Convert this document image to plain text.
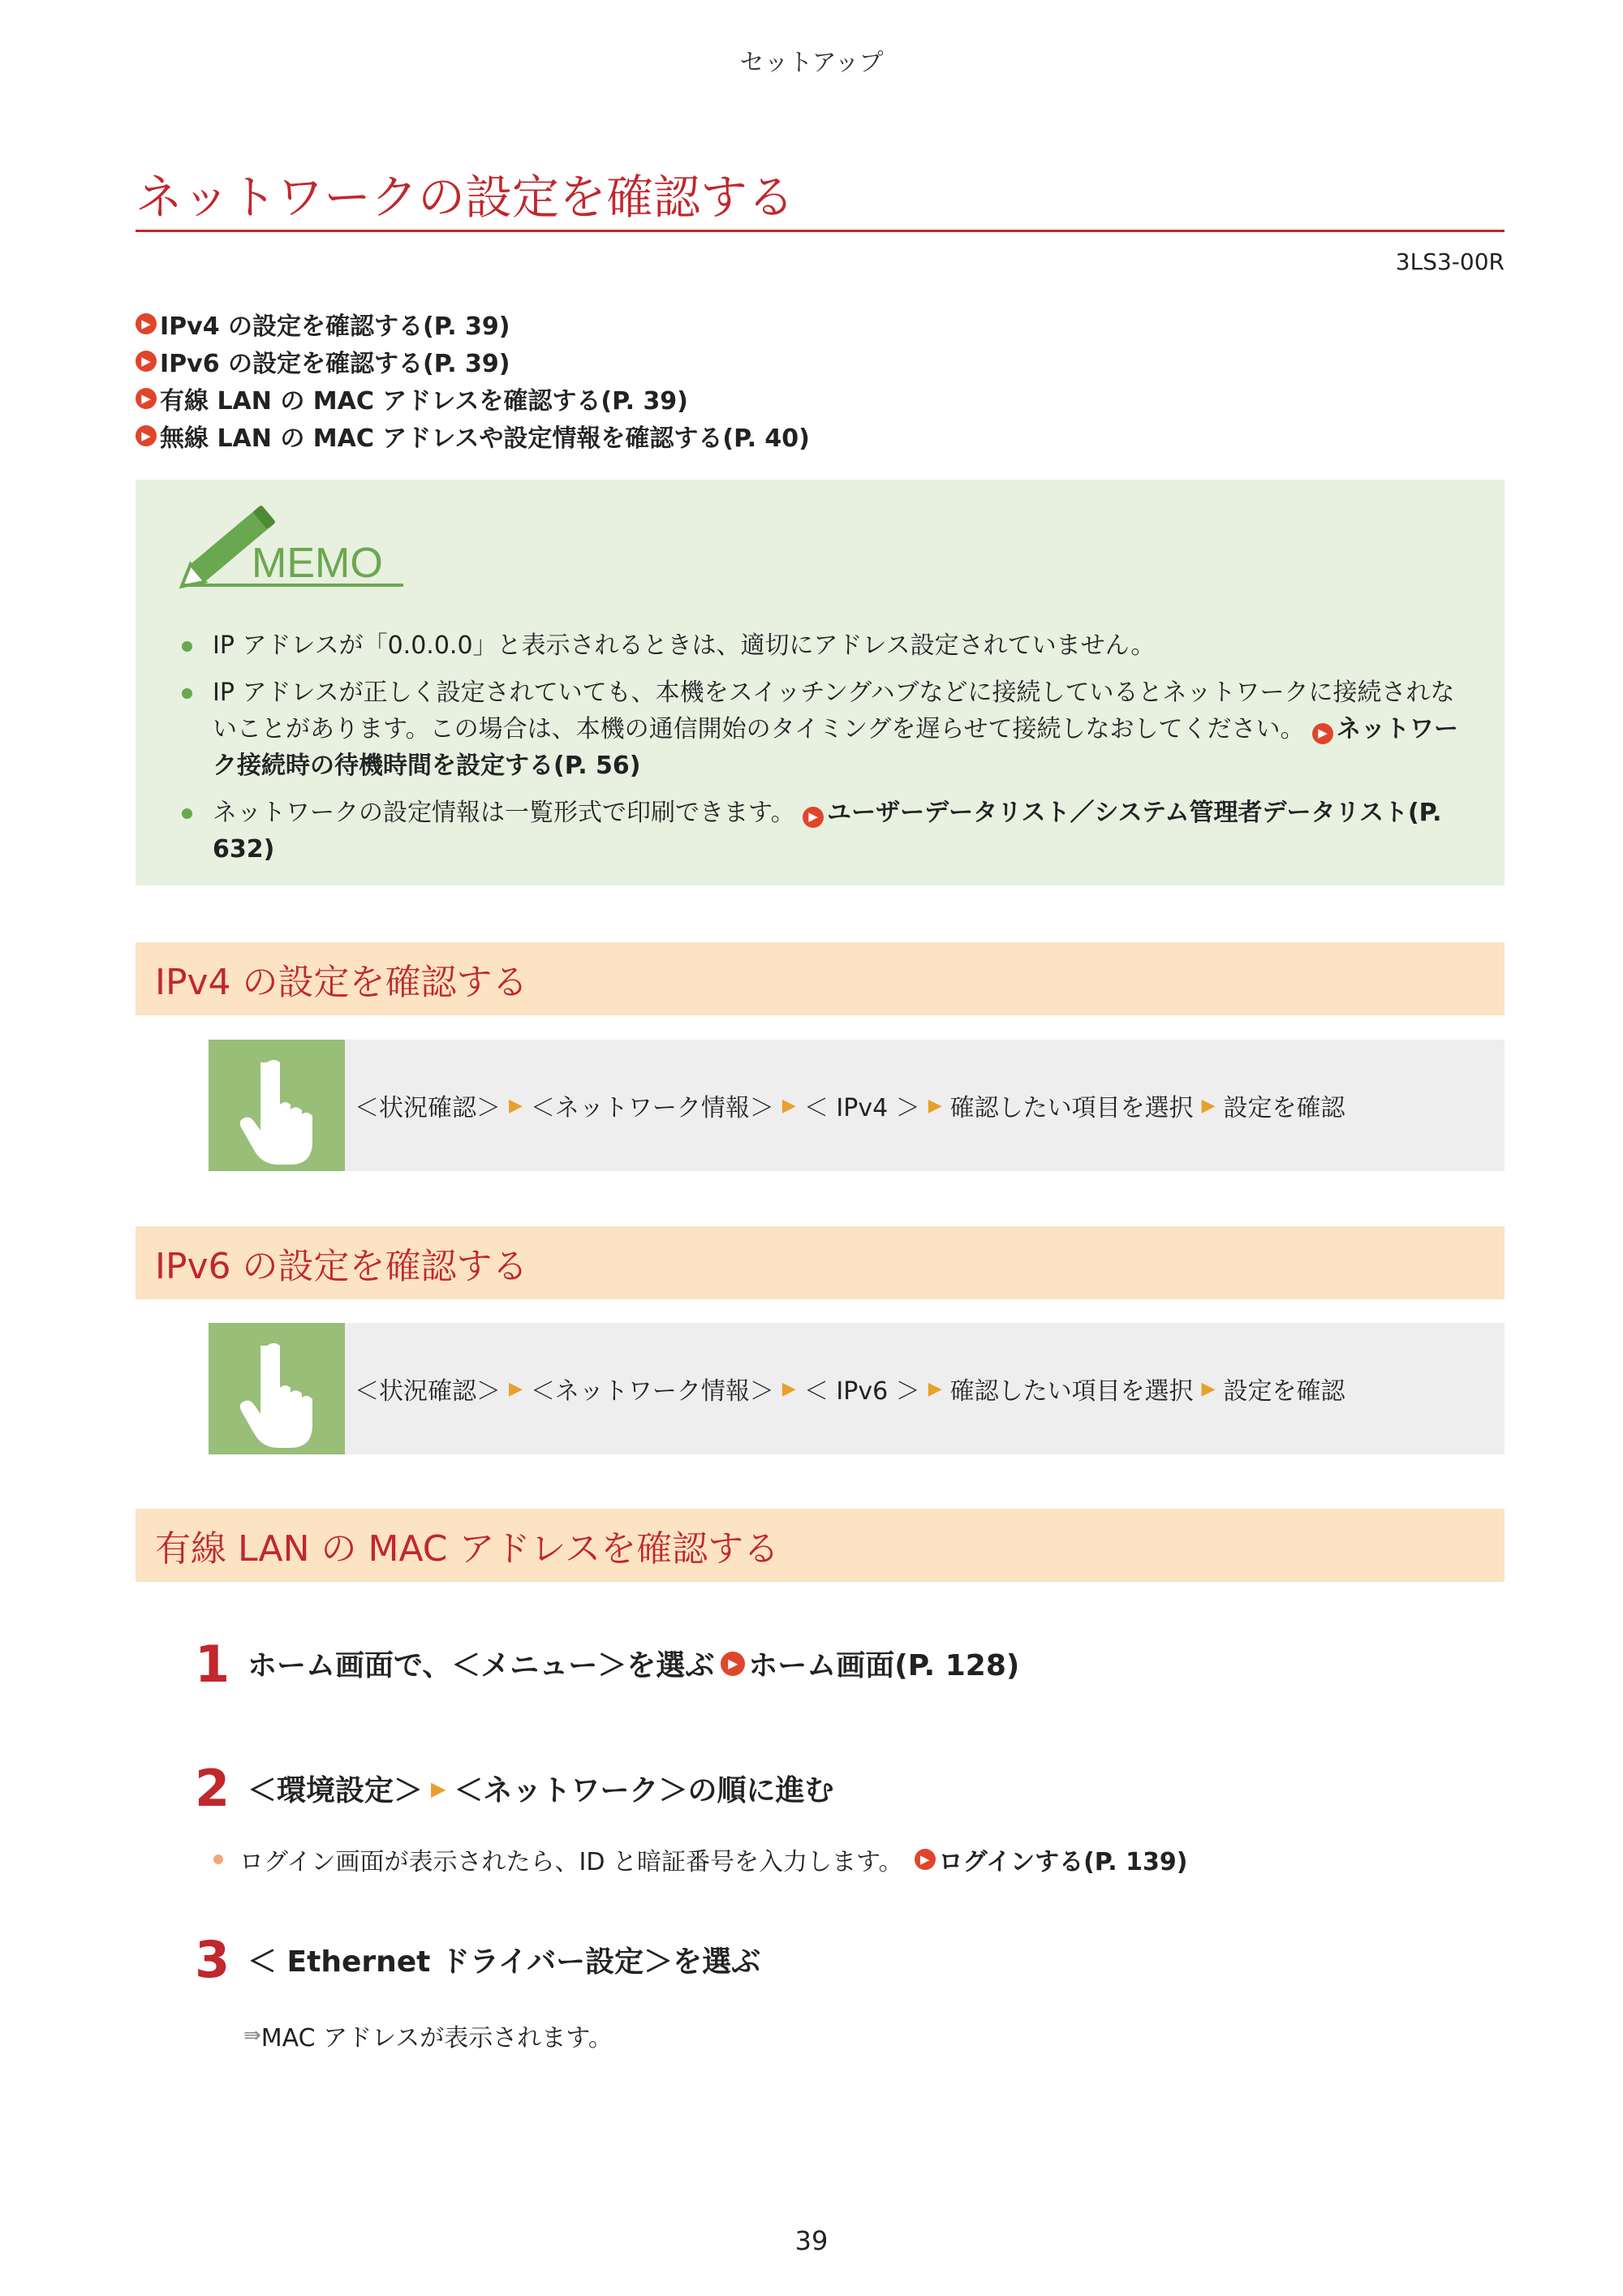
セットアップ
ネットワークの設定を確認する
3LS3-00R
▶ IPv4 の設定を確認する(P. 39)
▶ IPv6 の設定を確認する(P. 39)
▶ 有線 LAN の MAC アドレスを確認する(P. 39)
▶ 無線 LAN の MAC アドレスや設定情報を確認する(P. 40)
MEMO
IP アドレスが「0.0.0.0」と表示されるときは、適切にアドレス設定されていません。
IP アドレスが正しく設定されていても、本機をスイッチングハブなどに接続しているとネットワークに接続されないことがあります。この場合は、本機の通信開始のタイミングを遅らせて接続しなおしてください。 ▶ ネットワーク接続時の待機時間を設定する(P. 56)
ネットワークの設定情報は一覧形式で印刷できます。 ▶ ユーザーデータリスト／システム管理者データリスト(P. 632)
IPv4 の設定を確認する
＜状況確認＞ ▶ ＜ネットワーク情報＞ ▶ ＜ IPv4 ＞ ▶ 確認したい項目を選択 ▶ 設定を確認
IPv6 の設定を確認する
＜状況確認＞ ▶ ＜ネットワーク情報＞ ▶ ＜ IPv6 ＞ ▶ 確認したい項目を選択 ▶ 設定を確認
有線 LAN の MAC アドレスを確認する
1 ホーム画面で、＜メニュー＞を選ぶ	▶ ホーム画面(P. 128)
2 ＜環境設定＞ ▶ ＜ネットワーク＞の順に進む
ログイン画面が表示されたら、ID と暗証番号を入力します。	▶ ログインする(P. 139)
3 ＜ Ethernet ドライバー設定＞を選ぶ
⇛ MAC アドレスが表示されます。
39
